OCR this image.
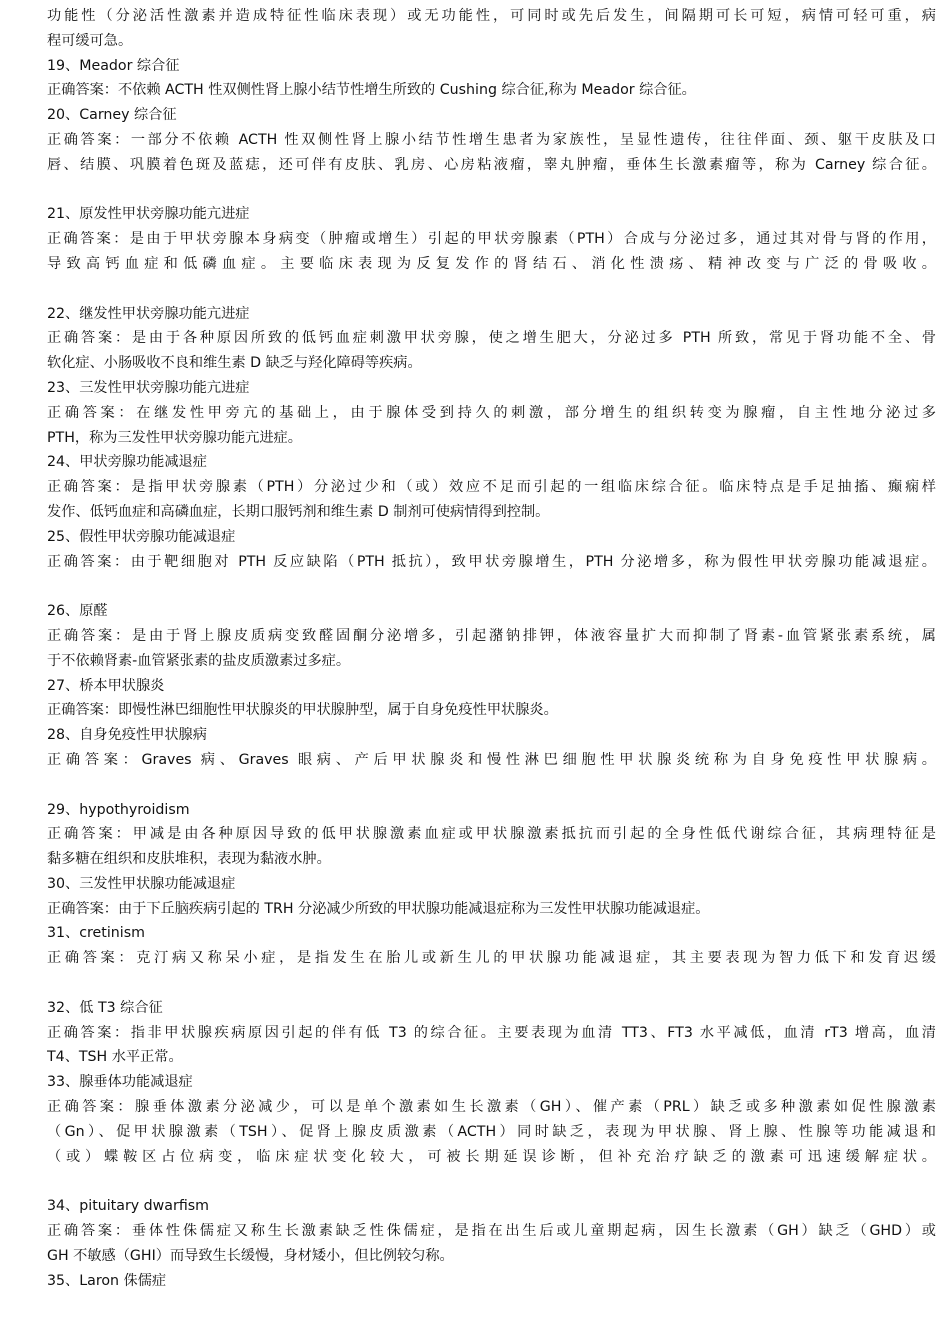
功能性（分泌活性激素并造成特征性临床表现）或无功能性，可同时或先后发生，间隔期可长可短，病情可轻可重，病
程可缓可急。
19、Meador 综合征
正确答案：不依赖 ACTH 性双侧性肾上腺小结节性增生所致的 Cushing 综合征,称为 Meador 综合征。
20、Carney 综合征
正确答案：一部分不依赖 ACTH 性双侧性肾上腺小结节性增生患者为家族性，呈显性遗传，往往伴面、颈、躯干皮肤及口
唇、结膜、巩膜着色斑及蓝痣，还可伴有皮肤、乳房、心房粘液瘤，睾丸肿瘤，垂体生长激素瘤等，称为 Carney 综合征。
21、原发性甲状旁腺功能亢进症
正确答案：是由于甲状旁腺本身病变（肿瘤或增生）引起的甲状旁腺素（PTH）合成与分泌过多，通过其对骨与肾的作用，
导致高钙血症和低磷血症。主要临床表现为反复发作的肾结石、消化性溃疡、精神改变与广泛的骨吸收。
22、继发性甲状旁腺功能亢进症
正确答案：是由于各种原因所致的低钙血症刺激甲状旁腺，使之增生肥大，分泌过多 PTH 所致，常见于肾功能不全、骨
软化症、小肠吸收不良和维生素 D 缺乏与羟化障碍等疾病。
23、三发性甲状旁腺功能亢进症
正确答案：在继发性甲旁亢的基础上，由于腺体受到持久的刺激，部分增生的组织转变为腺瘤，自主性地分泌过多
PTH，称为三发性甲状旁腺功能亢进症。
24、甲状旁腺功能减退症
正确答案：是指甲状旁腺素（PTH）分泌过少和（或）效应不足而引起的一组临床综合征。临床特点是手足抽搐、癫痫样
发作、低钙血症和高磷血症，长期口服钙剂和维生素 D 制剂可使病情得到控制。
25、假性甲状旁腺功能减退症
正确答案：由于靶细胞对 PTH 反应缺陷（PTH 抵抗），致甲状旁腺增生，PTH 分泌增多，称为假性甲状旁腺功能减退症。
26、原醛
正确答案：是由于肾上腺皮质病变致醛固酮分泌增多，引起潴钠排钾，体液容量扩大而抑制了肾素-血管紧张素系统，属
于不依赖肾素-血管紧张素的盐皮质激素过多症。
27、桥本甲状腺炎
正确答案：即慢性淋巴细胞性甲状腺炎的甲状腺肿型，属于自身免疫性甲状腺炎。
28、自身免疫性甲状腺病
正确答案：Graves 病、Graves 眼病、产后甲状腺炎和慢性淋巴细胞性甲状腺炎统称为自身免疫性甲状腺病。
29、hypothyroidism
正确答案：甲减是由各种原因导致的低甲状腺激素血症或甲状腺激素抵抗而引起的全身性低代谢综合征，其病理特征是
黏多糖在组织和皮肤堆积，表现为黏液水肿。
30、三发性甲状腺功能减退症
正确答案：由于下丘脑疾病引起的 TRH 分泌减少所致的甲状腺功能减退症称为三发性甲状腺功能减退症。
31、cretinism
正确答案：克汀病又称呆小症，是指发生在胎儿或新生儿的甲状腺功能减退症，其主要表现为智力低下和发育迟缓
32、低 T3 综合征
正确答案：指非甲状腺疾病原因引起的伴有低 T3 的综合征。主要表现为血清 TT3、FT3 水平减低，血清 rT3 增高，血清
T4、TSH 水平正常。
33、腺垂体功能减退症
正确答案：腺垂体激素分泌减少，可以是单个激素如生长激素（GH）、催产素（PRL）缺乏或多种激素如促性腺激素
（Gn）、促甲状腺激素（TSH）、促肾上腺皮质激素（ACTH）同时缺乏，表现为甲状腺、肾上腺、性腺等功能减退和
（或）蝶鞍区占位病变，临床症状变化较大，可被长期延误诊断，但补充治疗缺乏的激素可迅速缓解症状。
34、pituitary dwarfism
正确答案：垂体性侏儒症又称生长激素缺乏性侏儒症，是指在出生后或儿童期起病，因生长激素（GH）缺乏（GHD）或
GH 不敏感（GHI）而导致生长缓慢，身材矮小，但比例较匀称。
35、Laron 侏儒症
